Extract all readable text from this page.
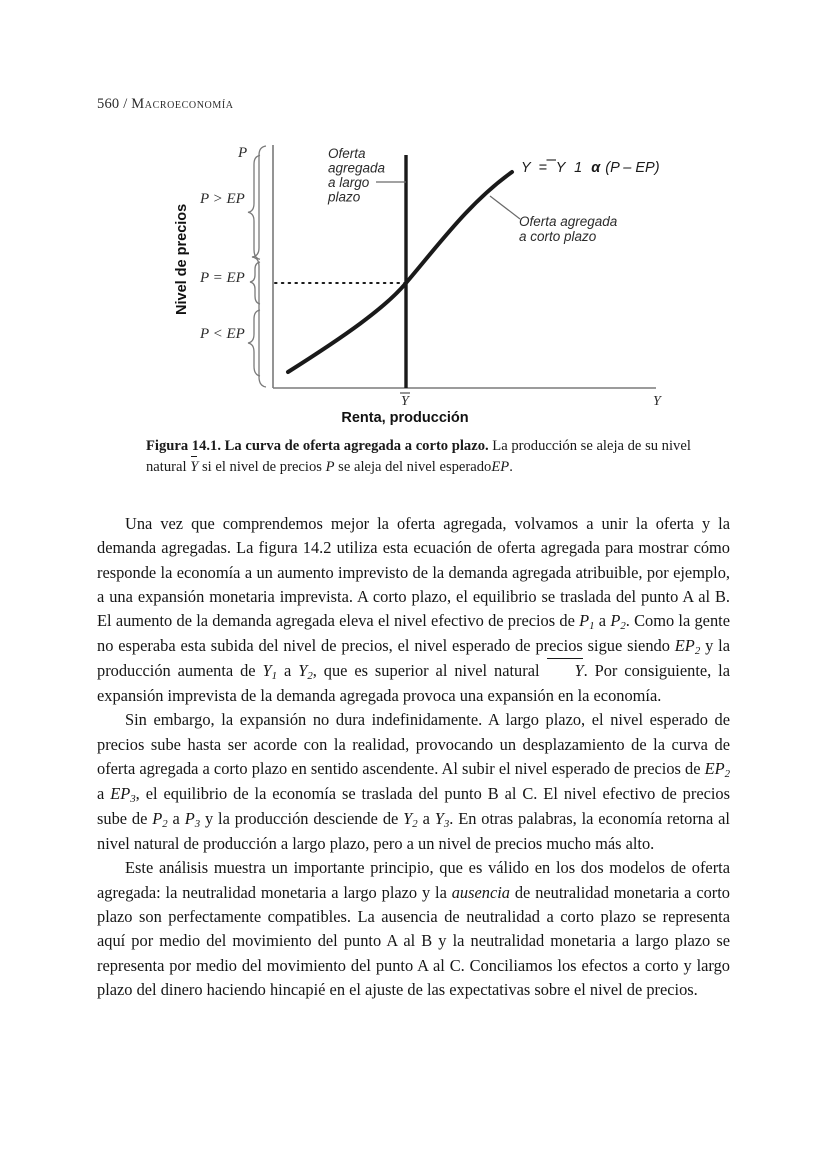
560 / Macroeconomía
P
P > EP
P = EP
P < EP
Nivel de precios
Oferta agregada a largo plazo
Oferta agregada a corto plazo
Y = Y 1 α (P – EP)
Y	Y
Renta, producción
Figura 14.1. La curva de oferta agregada a corto plazo. La producción se aleja de su nivel natural Y si el nivel de precios P se aleja del nivel esperadoEP.

Una vez que comprendemos mejor la oferta agregada, volvamos a unir la oferta y la demanda agregadas. La figura 14.2 utiliza esta ecuación de oferta agregada para mostrar cómo responde la economía a un aumento imprevisto de la demanda agregada atribuible, por ejemplo, a una expansión monetaria imprevista. A corto plazo, el equilibrio se traslada del punto A al B. El aumento de la demanda agregada eleva el nivel efectivo de precios de $P_1$ a $P_2$. Como la gente no esperaba esta subida del nivel de precios, el nivel esperado de precios sigue siendo $EP_2$ y la producción aumenta de $Y_1$ a $Y_2$, que es superior al nivel natural
Y. Por consiguiente, la expansión imprevista de la demanda agregada provoca una expansión en la economía.

Sin embargo, la expansión no dura indefinidamente. A largo plazo, el nivel esperado de precios sube hasta ser acorde con la realidad, provocando un desplazamiento de la curva de oferta agregada a corto plazo en sentido ascendente. Al subir el nivel esperado de precios de $EP_2$ a $EP_3$, el equilibrio de la economía se traslada del punto B al C. El nivel efectivo de precios sube de $P_2$ a $P_3$ y la producción desciende de $Y_2$ a $Y_3$. En otras palabras, la economía retorna al nivel natural de producción a largo plazo, pero a un nivel de precios mucho más alto.

Este análisis muestra un importante principio, que es válido en los dos modelos de oferta agregada: la neutralidad monetaria a largo plazo y la ausencia de neutralidad monetaria a corto plazo son perfectamente compatibles. La ausencia de neutralidad a corto plazo se representa aquí por medio del movimiento del punto A al B y la neutralidad monetaria a largo plazo se representa por medio del movimiento del punto A al C. Conciliamos los efectos a corto y largo plazo del dinero haciendo hincapié en el ajuste de las expectativas sobre el nivel de precios.
